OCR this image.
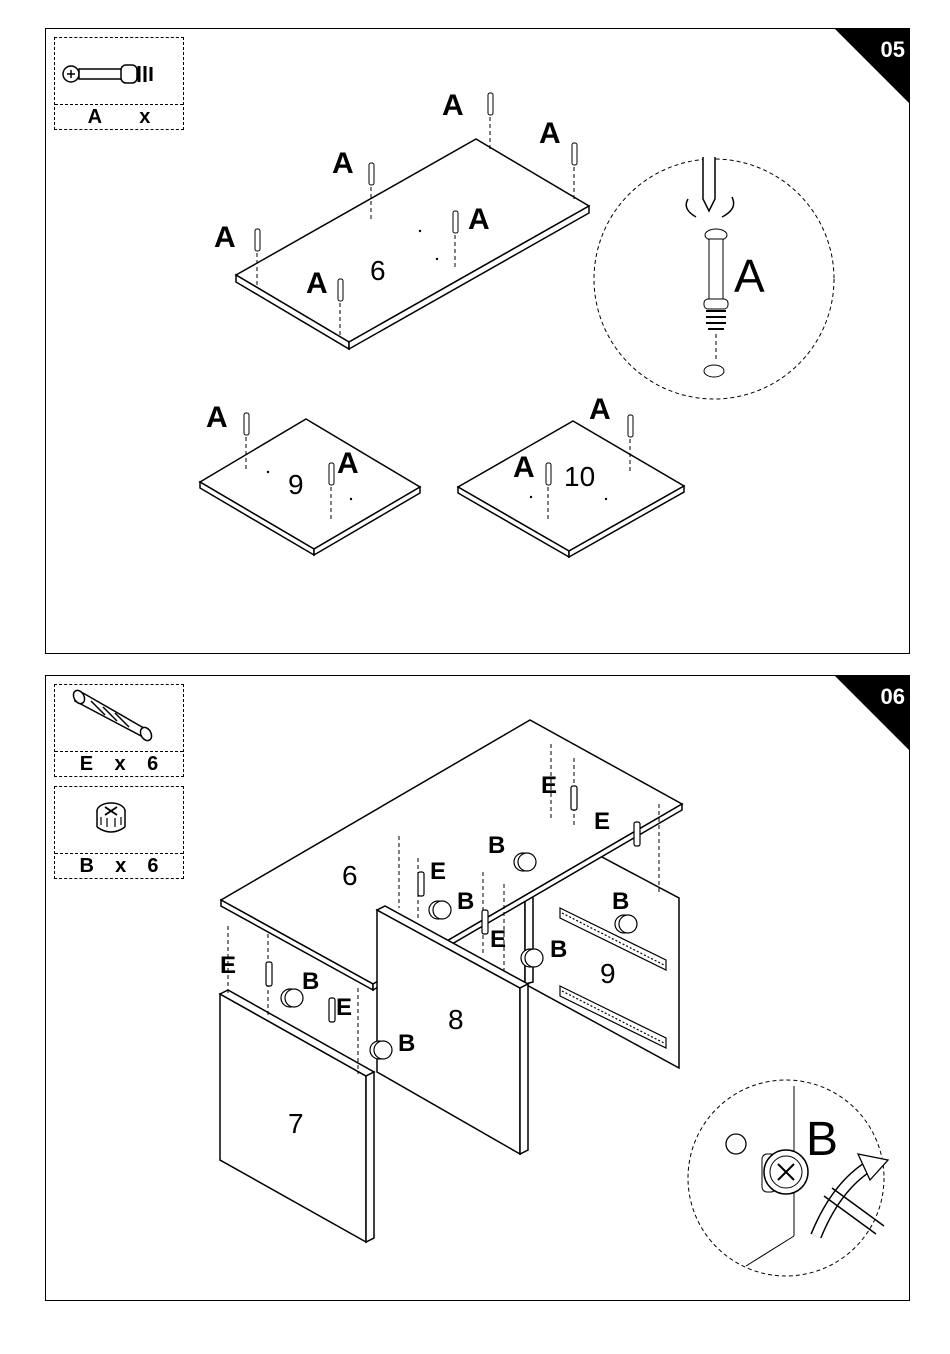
A x	A
A
A
A
A
A
A
A
A
A
6
9	10
A
05
E x 6
B x 6	6
7
8
9
E
E
E
E
E
E
B
B
B
B
B
B
B
06
